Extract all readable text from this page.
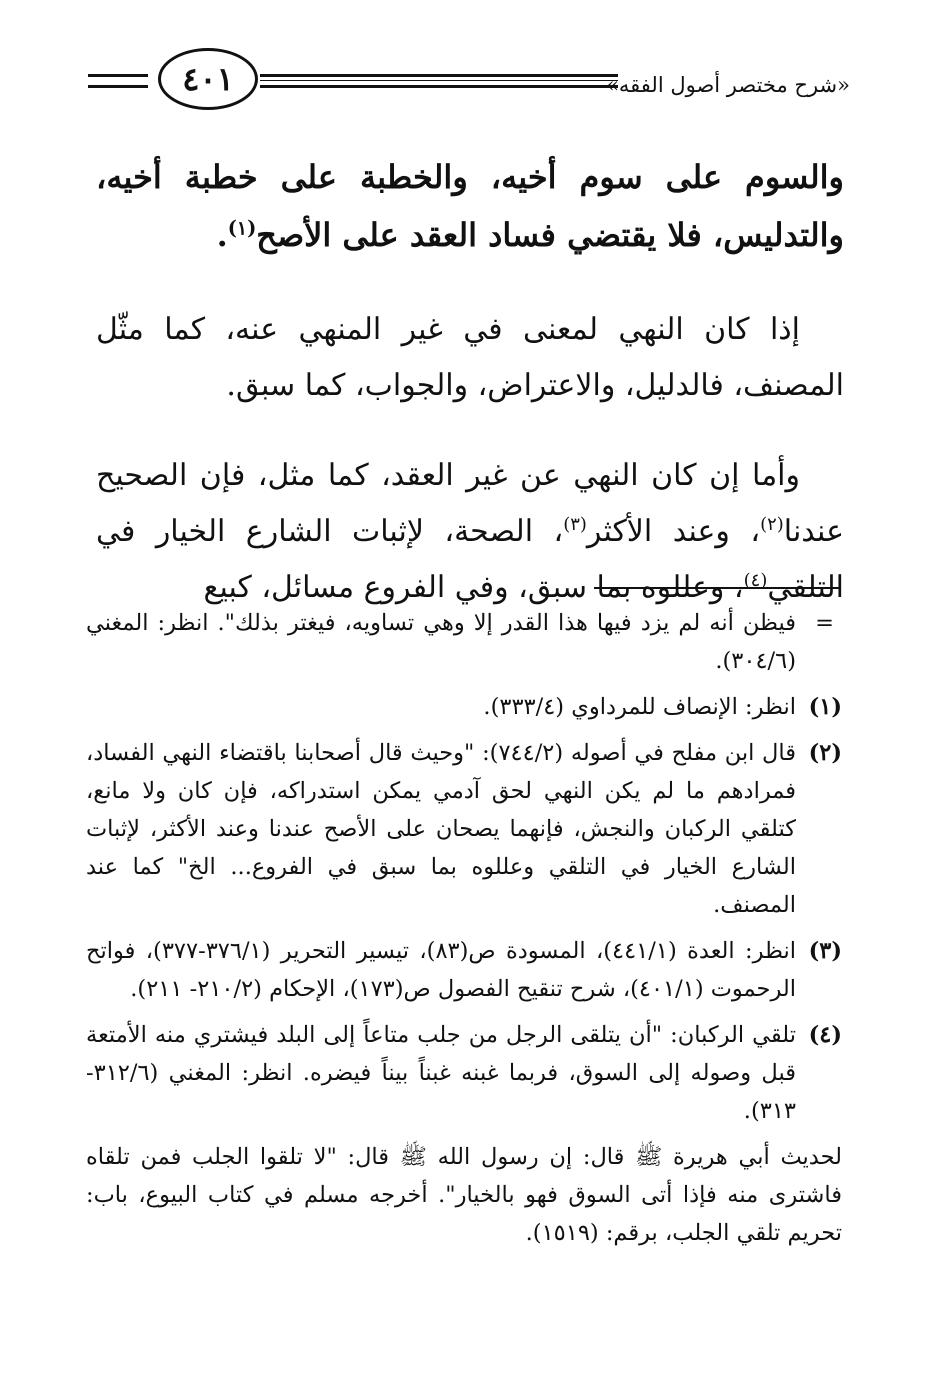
«شرح مختصر أصول الفقه»
٤٠١

والسوم على سوم أخيه، والخطبة على خطبة أخيه، والتدليس، فلا يقتضي فساد العقد على الأصح$^{(١)}$.

إذا كان النهي لمعنى في غير المنهي عنه، كما مثّل المصنف، فالدليل، والاعتراض، والجواب، كما سبق.

وأما إن كان النهي عن غير العقد، كما مثل، فإن الصحيح عندنا$^{(٢)}$، وعند الأكثر$^{(٣)}$، الصحة، لإثبات الشارع الخيار في التلقي$^{(٤)}$، وعللوه بما سبق، وفي الفروع مسائل، كبيع

=

فيظن أنه لم يزد فيها هذا القدر إلا وهي تساويه، فيغتر بذلك". انظر: المغني (٣٠٤/٦).

(١)

انظر: الإنصاف للمرداوي (٣٣٣/٤).

(٢)

قال ابن مفلح في أصوله (٧٤٤/٢): "وحيث قال أصحابنا باقتضاء النهي الفساد، فمرادهم ما لم يكن النهي لحق آدمي يمكن استدراكه، فإن كان ولا مانع، كتلقي الركبان والنجش، فإنهما يصحان على الأصح عندنا وعند الأكثر، لإثبات الشارع الخيار في التلقي وعللوه بما سبق في الفروع... الخ" كما عند المصنف.

(٣)

انظر: العدة (٤٤١/١)، المسودة ص(٨٣)، تيسير التحرير (٣٧٦/١-٣٧٧)، فواتح الرحموت (٤٠١/١)، شرح تنقيح الفصول ص(١٧٣)، الإحكام (٢١٠/٢- ٢١١).

(٤)

تلقي الركبان: "أن يتلقى الرجل من جلب متاعاً إلى البلد فيشتري منه الأمتعة قبل وصوله إلى السوق، فربما غبنه غبناً بيناً فيضره. انظر: المغني (٣١٢/٦- ٣١٣).

لحديث أبي هريرة ﷺ قال: إن رسول الله ﷺ قال: "لا تلقوا الجلب فمن تلقاه فاشترى منه فإذا أتى السوق فهو بالخيار". أخرجه مسلم في كتاب البيوع، باب: تحريم تلقي الجلب، برقم: (١٥١٩).
